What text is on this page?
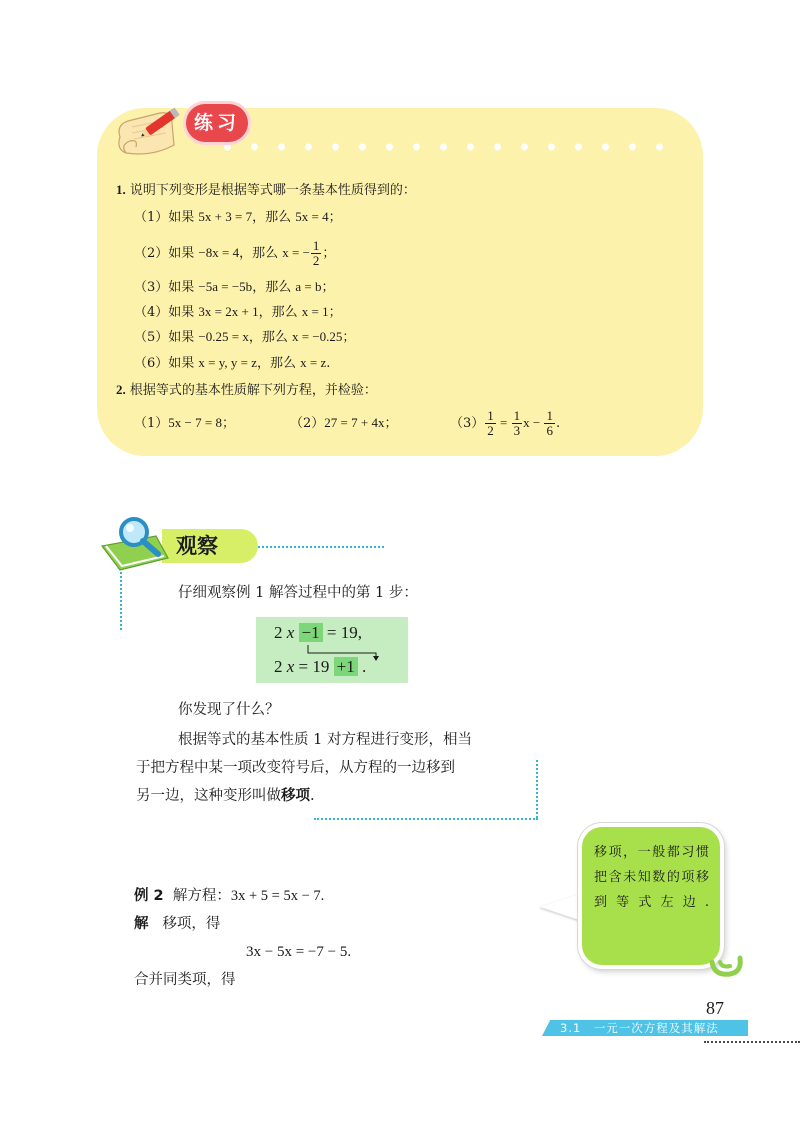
练习
1. 说明下列变形是根据等式哪一条基本性质得到的：
（1）如果 5x + 3 = 7，那么 5x = 4；
（2）如果 −8x = 4，那么 x = − $\frac{1}{2}$ ；
（3）如果 −5a = −5b，那么 a = b；
（4）如果 3x = 2x + 1，那么 x = 1；
（5）如果 −0.25 = x，那么 x = −0.25；
（6）如果 x = y, y = z，那么 x = z.
2. 根据等式的基本性质解下列方程，并检验：
（1）5x − 7 = 8；	（2）27 = 7 + 4x；	$(3) \frac{1}{2} = \frac{1}{3}$ $x - \frac{1}{6}$ .
观察
仔细观察例 1 解答过程中的第 1 步：
2 x −1 = 19,
2 x = 19 +1 .
你发现了什么？
根据等式的基本性质 1 对方程进行变形，相当
于把方程中某一项改变符号后，从方程的一边移到
另一边，这种变形叫做移项.
移项，一般都习惯把含未知数的项移到等式左边.
例 2 解方程：3x + 5 = 5x − 7.
解 移项，得
3x − 5x = −7 − 5.
合并同类项，得
87
3.1　一元一次方程及其解法
